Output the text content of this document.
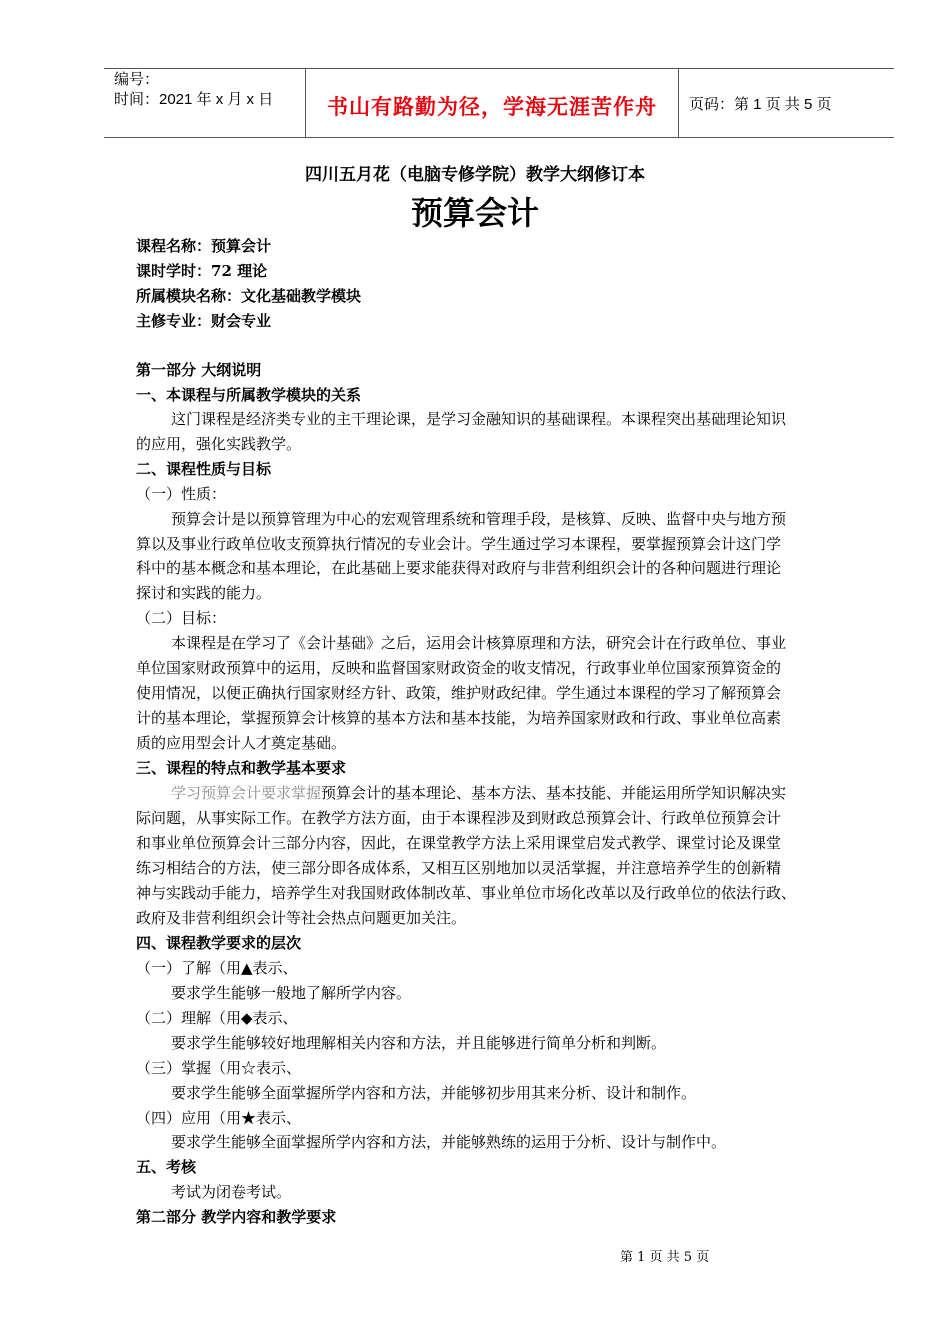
编号：
时间：2021 年 x 月 x 日	书山有路勤为径，学海无涯苦作舟	页码：第 1 页 共 5 页
四川五月花（电脑专修学院）教学大纲修订本
预算会计
课程名称：预算会计
课时学时：72 理论
所属模块名称：文化基础教学模块
主修专业：财会专业
第一部分 大纲说明
一、本课程与所属教学模块的关系
这门课程是经济类专业的主干理论课，是学习金融知识的基础课程。本课程突出基础理论知识
的应用，强化实践教学。
二、课程性质与目标
（一）性质：
预算会计是以预算管理为中心的宏观管理系统和管理手段，是核算、反映、监督中央与地方预
算以及事业行政单位收支预算执行情况的专业会计。学生通过学习本课程，要掌握预算会计这门学
科中的基本概念和基本理论，在此基础上要求能获得对政府与非营利组织会计的各种问题进行理论
探讨和实践的能力。
（二）目标：
本课程是在学习了《会计基础》之后，运用会计核算原理和方法，研究会计在行政单位、事业
单位国家财政预算中的运用，反映和监督国家财政资金的收支情况，行政事业单位国家预算资金的
使用情况，以便正确执行国家财经方针、政策，维护财政纪律。学生通过本课程的学习了解预算会
计的基本理论，掌握预算会计核算的基本方法和基本技能，为培养国家财政和行政、事业单位高素
质的应用型会计人才奠定基础。
三、课程的特点和教学基本要求
学习预算会计要求掌握预算会计的基本理论、基本方法、基本技能、并能运用所学知识解决实
际问题，从事实际工作。在教学方法方面，由于本课程涉及到财政总预算会计、行政单位预算会计
和事业单位预算会计三部分内容，因此，在课堂教学方法上采用课堂启发式教学、课堂讨论及课堂
练习相结合的方法，使三部分即各成体系，又相互区别地加以灵活掌握，并注意培养学生的创新精
神与实践动手能力，培养学生对我国财政体制改革、事业单位市场化改革以及行政单位的依法行政、
政府及非营利组织会计等社会热点问题更加关注。
四、课程教学要求的层次
（一）了解（用▲表示、
要求学生能够一般地了解所学内容。
（二）理解（用◆表示、
要求学生能够较好地理解相关内容和方法，并且能够进行简单分析和判断。
（三）掌握（用☆表示、
要求学生能够全面掌握所学内容和方法，并能够初步用其来分析、设计和制作。
（四）应用（用★表示、
要求学生能够全面掌握所学内容和方法，并能够熟练的运用于分析、设计与制作中。
五、考核
考试为闭卷考试。
第二部分 教学内容和教学要求
第 1 页 共 5 页
